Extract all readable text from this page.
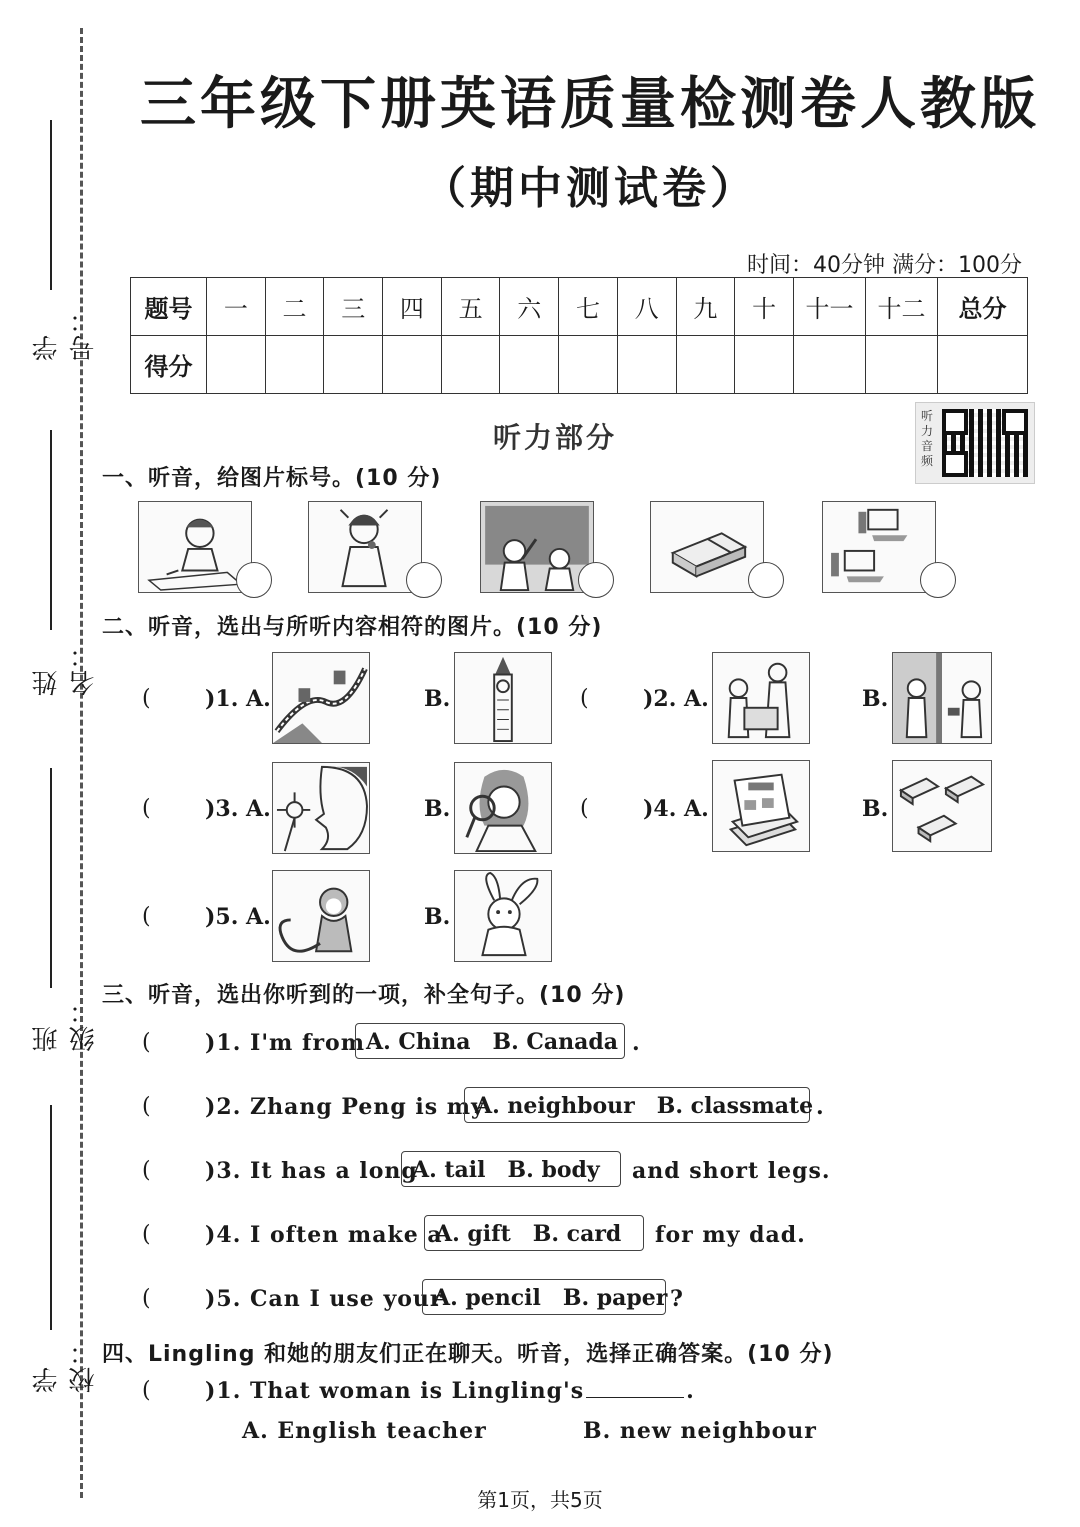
学号：
姓名：
班级：
学校：
三年级下册英语质量检测卷人教版
（期中测试卷）
时间：40分钟 满分：100分
题号	一	二	三	四	五	六	七	八	九	十	十一	十二	总分
得分													
听力部分
听力音频
一、听音，给图片标号。(10 分)
二、听音，选出与所听内容相符的图片。(10 分)
( )1. A.	B.	( )2. A.	B.
( )3. A.	B.	( )4. A.	B.
( )5. A.	B.
三、听音，选出你听到的一项，补全句子。(10 分)
( )1. I'm from A. China B. Canada .
( )2. Zhang Peng is my
A. neighbour B. classmate .
( )3. It has a long
A. tail B. body	and short legs.
( )4. I often make a
A. gift B. card	for my dad.
( )5. Can I use your
A. pencil B. paper ?
四、Lingling 和她的朋友们正在聊天。听音，选择正确答案。(10 分)
( )1. That woman is Lingling's	.
A. English teacher	B. new neighbour
第1页，共5页
